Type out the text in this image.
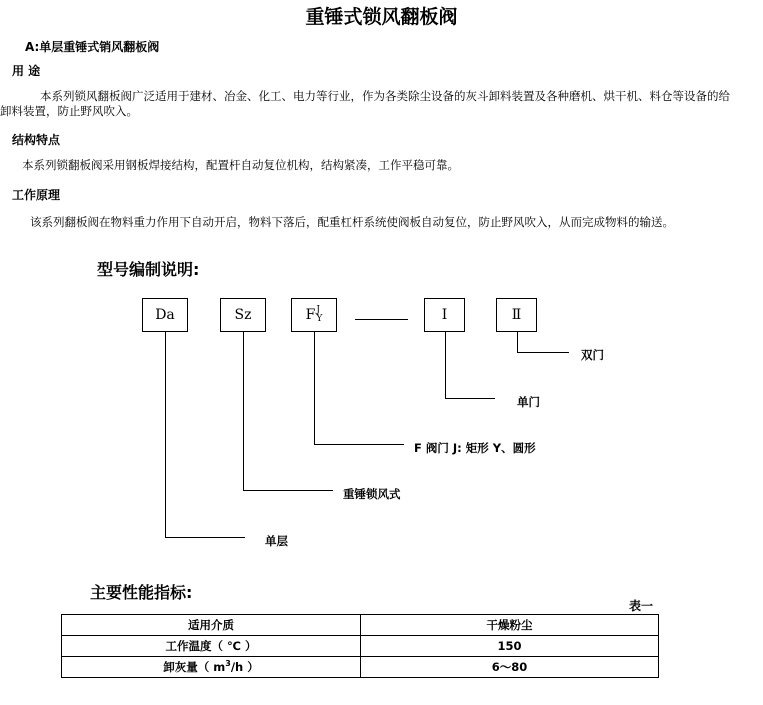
重锤式锁风翻板阀
A:单层重锤式销风翻板阀
用 途
本系列锁风翻板阀广泛适用于建材、冶金、化工、电力等行业，作为各类除尘设备的灰斗卸料装置及各种磨机、烘干机、料仓等设备的给
卸料装置，防止野风吹入。
结构特点
本系列锁翻板阀采用钢板焊接结构，配置杆自动复位机构，结构紧凑，工作平稳可靠。
工作原理
该系列翻板阀在物料重力作用下自动开启，物料下落后，配重杠杆系统使阀板自动复位，防止野风吹入，从而完成物料的输送。
型号编制说明:
Da	Sz	F J
Y	Ⅰ	Ⅱ
双门
单门
F 阀门 J: 矩形 Y、圆形
重锤锁风式
单层
主要性能指标:
表一
适用介质	干燥粉尘
工作温度（ ℃ ）	150
卸灰量（ $m^3/h$ ）	6～80
